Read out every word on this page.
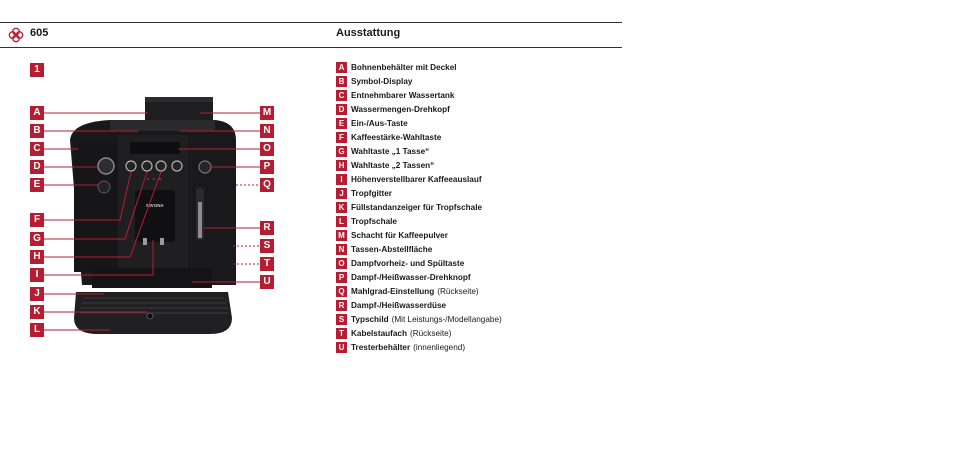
605	Ausstattung
1
NIVONA
A
B
C
D
E
F
G
H
I
J
K
L
M
N
O
P
Q
R
S
T
U
A Bohnenbehälter mit Deckel
B Symbol-Display
C Entnehmbarer Wassertank
D Wassermengen-Drehkopf
E Ein-/Aus-Taste
F Kaffeestärke-Wahltaste
G Wahltaste „1 Tasse“
H Wahltaste „2 Tassen“
I	Höhenverstellbarer Kaffeeauslauf
J Tropfgitter
K Füllstandanzeiger für Tropfschale
L Tropfschale
M Schacht für Kaffeepulver
N Tassen-Abstellfläche
O Dampfvorheiz- und Spültaste
P Dampf-/Heißwasser-Drehknopf
Q Mahlgrad-Einstellung (Rückseite)
R Dampf-/Heißwasserdüse
S Typschild (Mit Leistungs-/Modellangabe)
T Kabelstaufach (Rückseite)
U Tresterbehälter (innenliegend)
